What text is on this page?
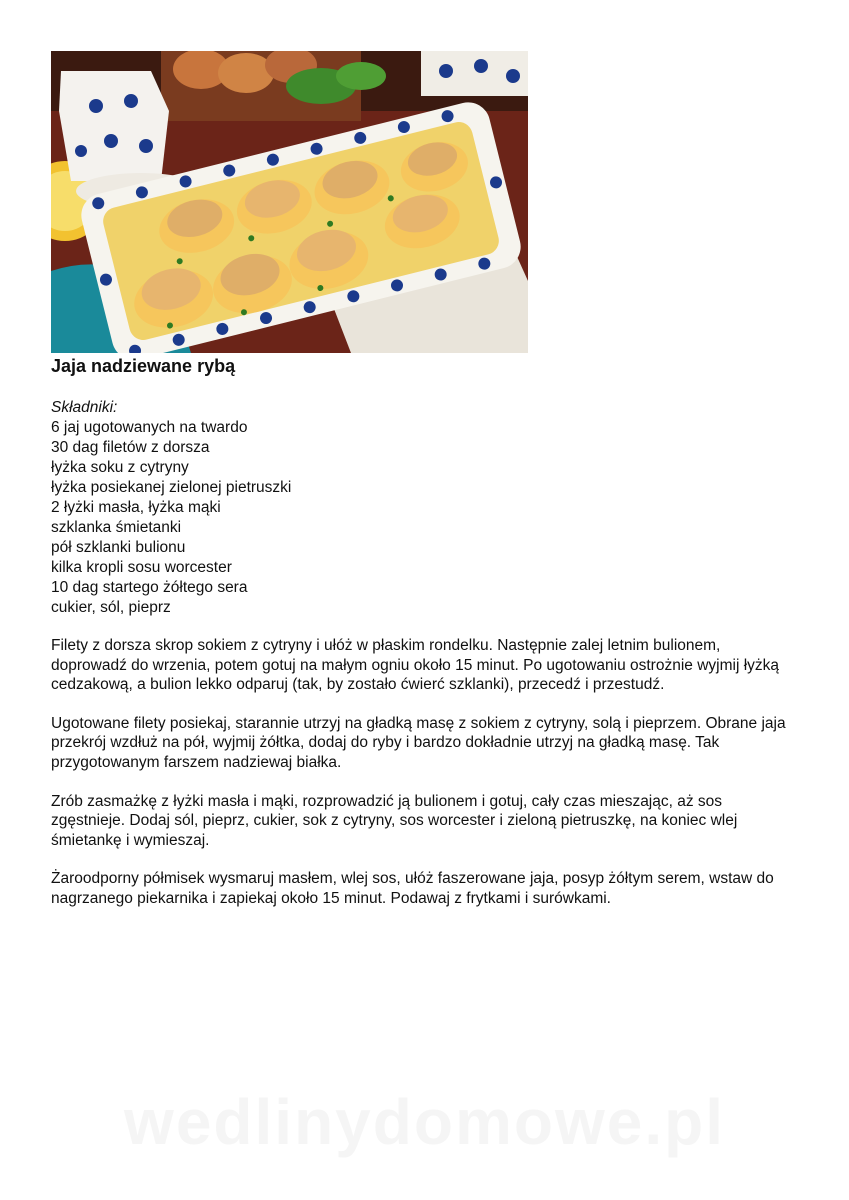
Jaja nadziewane rybą
Składniki:
6 jaj ugotowanych na twardo
30 dag filetów z dorsza
łyżka soku z cytryny
łyżka posiekanej zielonej pietruszki
2 łyżki masła, łyżka mąki
szklanka śmietanki
pół szklanki bulionu
kilka kropli sosu worcester
10 dag startego żółtego sera
cukier, sól, pieprz

Filety z dorsza skrop sokiem z cytryny i ułóż w płaskim rondelku. Następnie zalej letnim bulionem, doprowadź do wrzenia, potem gotuj na małym ogniu około 15 minut. Po ugotowaniu ostrożnie wyjmij łyżką cedzakową, a bulion lekko odparuj (tak, by zostało ćwierć szklanki), przecedź i przestudź.

Ugotowane filety posiekaj, starannie utrzyj na gładką masę z sokiem z cytryny, solą i pieprzem. Obrane jaja przekrój wzdłuż na pół, wyjmij żółtka, dodaj do ryby i bardzo dokładnie utrzyj na gładką masę. Tak przygotowanym farszem nadziewaj białka.

Zrób zasmażkę z łyżki masła i mąki, rozprowadzić ją bulionem i gotuj, cały czas mieszając, aż sos zgęstnieje. Dodaj sól, pieprz, cukier, sok z cytryny, sos worcester i zieloną pietruszkę, na koniec wlej śmietankę i wymieszaj.

Żaroodporny półmisek wysmaruj masłem, wlej sos, ułóż faszerowane jaja, posyp żółtym serem, wstaw do nagrzanego piekarnika i zapiekaj około 15 minut. Podawaj z frytkami i surówkami.

wedlinydomowe.pl
